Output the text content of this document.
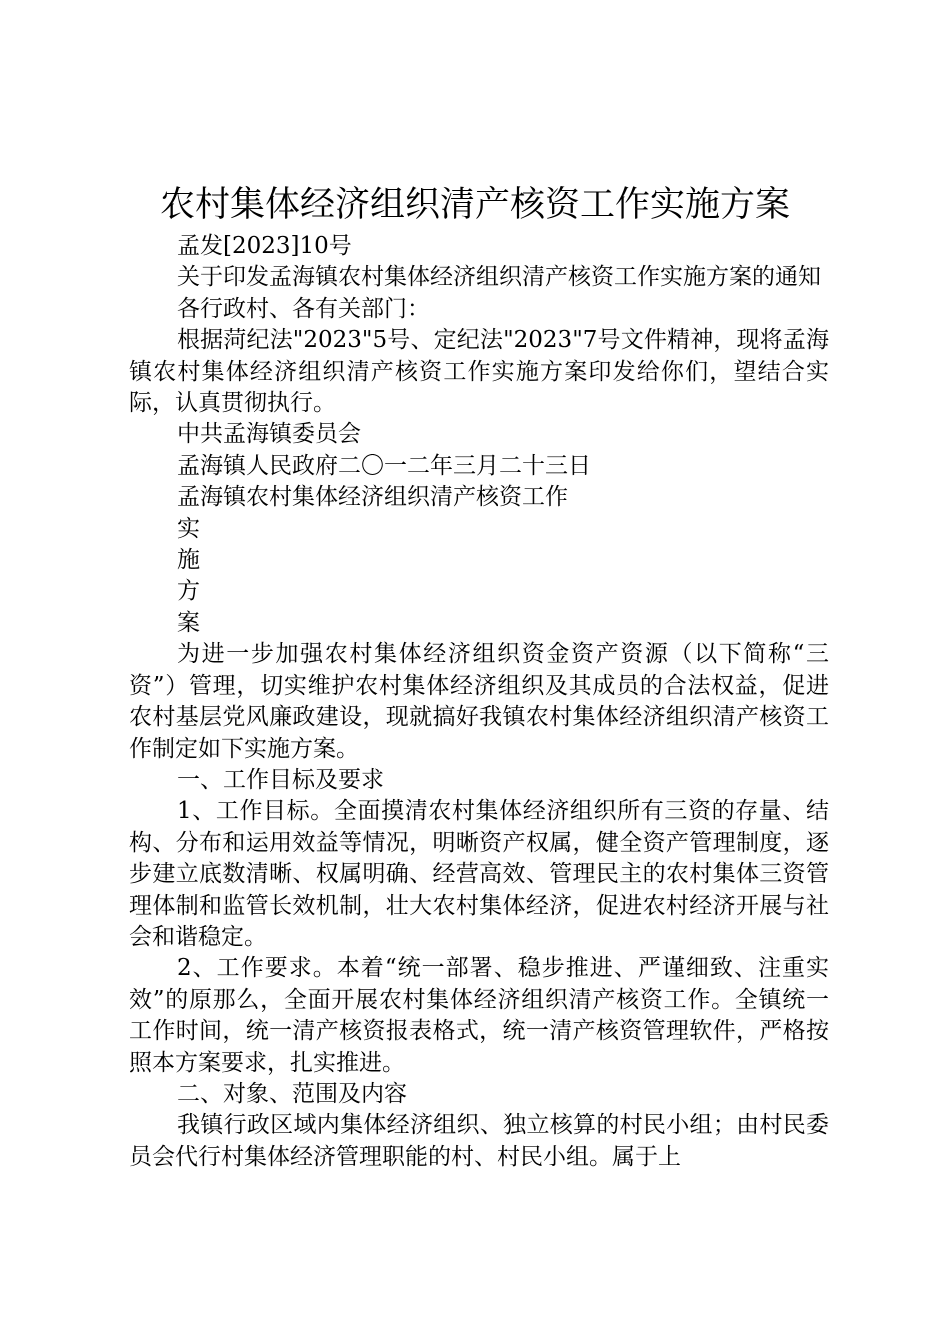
农村集体经济组织清产核资工作实施方案

孟发[2023]10号

关于印发孟海镇农村集体经济组织清产核资工作实施方案的通知

各行政村、各有关部门：

根据菏纪法"2023"5号、定纪法"2023"7号文件精神，现将孟海镇农村集体经济组织清产核资工作实施方案印发给你们，望结合实际，认真贯彻执行。

中共孟海镇委员会

孟海镇人民政府二〇一二年三月二十三日

孟海镇农村集体经济组织清产核资工作

实

施

方

案

为进一步加强农村集体经济组织资金资产资源（以下简称“三资”）管理，切实维护农村集体经济组织及其成员的合法权益，促进农村基层党风廉政建设，现就搞好我镇农村集体经济组织清产核资工作制定如下实施方案。

一、工作目标及要求

1、工作目标。全面摸清农村集体经济组织所有三资的存量、结构、分布和运用效益等情况，明晰资产权属，健全资产管理制度，逐步建立底数清晰、权属明确、经营高效、管理民主的农村集体三资管理体制和监管长效机制，壮大农村集体经济，促进农村经济开展与社会和谐稳定。

2、工作要求。本着“统一部署、稳步推进、严谨细致、注重实效”的原那么，全面开展农村集体经济组织清产核资工作。全镇统一工作时间，统一清产核资报表格式，统一清产核资管理软件，严格按照本方案要求，扎实推进。

二、对象、范围及内容

我镇行政区域内集体经济组织、独立核算的村民小组；由村民委员会代行村集体经济管理职能的村、村民小组。属于上
